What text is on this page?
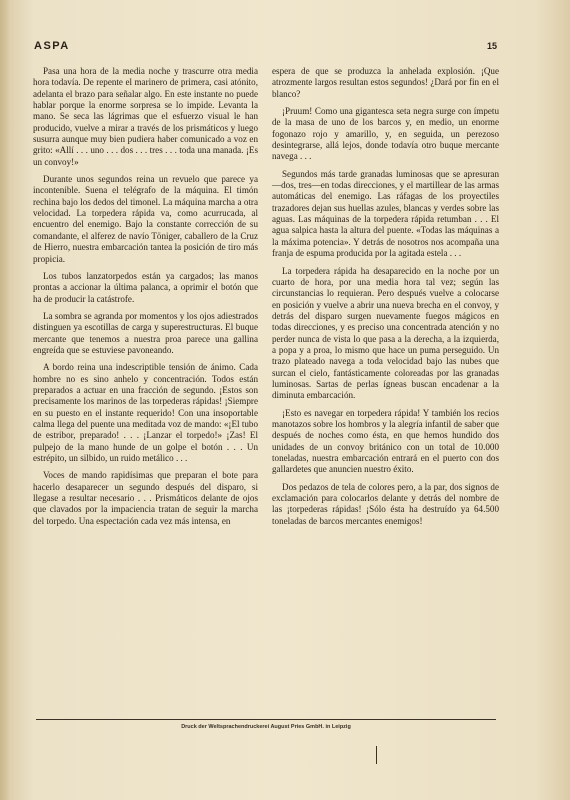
ASPA	15

Pasa una hora de la media noche y trascurre otra media hora todavía. De repente el marinero de primera, casi atónito, adelanta el brazo para señalar algo. En este instante no puede hablar porque la enorme sorpresa se lo impide. Levanta la mano. Se seca las lágrimas que el esfuerzo visual le han producido, vuelve a mirar a través de los prismáticos y luego susurra aunque muy bien pudiera haber comunicado a voz en grito: «Allí . . . uno . . . dos . . . tres . . . toda una manada. ¡Es un convoy!»

Durante unos segundos reina un revuelo que parece ya incontenible. Suena el telégrafo de la máquina. El timón rechina bajo los dedos del timonel. La máquina marcha a otra velocidad. La torpedera rápida va, como acurrucada, al encuentro del enemigo. Bajo la constante corrección de su comandante, el alferez de navío Töniger, caballero de la Cruz de Hierro, nuestra embarcación tantea la posición de tiro más propicia.

Los tubos lanzatorpedos están ya cargados; las manos prontas a accionar la última palanca, a oprimir el botón que ha de producir la catástrofe.

La sombra se agranda por momentos y los ojos adiestrados distinguen ya escotillas de carga y superestructuras. El buque mercante que tenemos a nuestra proa parece una gallina engreída que se estuviese pavoneando.

A bordo reina una indescriptible tensión de ánimo. Cada hombre no es sino anhelo y concentración. Todos están preparados a actuar en una fracción de segundo. ¡Estos son precisamente los marinos de las torpederas rápidas! ¡Siempre en su puesto en el instante requerido! Con una insoportable calma llega del puente una meditada voz de mando: «¡El tubo de estribor, preparado! . . . ¡Lanzar el torpedo!» ¡Zas! El pulpejo de la mano hunde de un golpe el botón . . . Un estrépito, un silbido, un ruido metálico . . .

Voces de mando rapidísimas que preparan el bote para hacerlo desaparecer un segundo después del disparo, si llegase a resultar necesario . . . Prismáticos delante de ojos que clavados por la impaciencia tratan de seguir la marcha del torpedo. Una espectación cada vez más intensa, en

espera de que se produzca la anhelada explosión. ¡Que atrozmente largos resultan estos segundos! ¿Dará por fin en el blanco?

¡Pruum! Como una gigantesca seta negra surge con ímpetu de la masa de uno de los barcos y, en medio, un enorme fogonazo rojo y amarillo, y, en seguida, un perezoso desintegrarse, allá lejos, donde todavía otro buque mercante navega . . .

Segundos más tarde granadas luminosas que se apresuran—dos, tres—en todas direcciones, y el martillear de las armas automáticas del enemigo. Las ráfagas de los proyectiles trazadores dejan sus huellas azules, blancas y verdes sobre las aguas. Las máquinas de la torpedera rápida retumban . . . El agua salpica hasta la altura del puente. «Todas las máquinas a la máxima potencia». Y detrás de nosotros nos acompaña una franja de espuma producida por la agitada estela . . .

La torpedera rápida ha desaparecido en la noche por un cuarto de hora, por una media hora tal vez; según las circunstancias lo requieran. Pero después vuelve a colocarse en posición y vuelve a abrir una nueva brecha en el convoy, y detrás del disparo surgen nuevamente fuegos mágicos en todas direcciones, y es preciso una concentrada atención y no perder nunca de vista lo que pasa a la derecha, a la izquierda, a popa y a proa, lo mismo que hace un puma perseguido. Un trazo plateado navega a toda velocidad bajo las nubes que surcan el cielo, fantásticamente coloreadas por las granadas luminosas. Sartas de perlas ígneas buscan encadenar a la diminuta embarcación.

¡Esto es navegar en torpedera rápida! Y también los recios manotazos sobre los hombros y la alegría infantil de saber que después de noches como ésta, en que hemos hundido dos unidades de un convoy británico con un total de 10.000 toneladas, nuestra embarcación entrará en el puerto con dos gallardetes que anuncien nuestro éxito.

Dos pedazos de tela de colores pero, a la par, dos signos de exclamación para colocarlos delante y detrás del nombre de las ¡torpederas rápidas! ¡Sólo ésta ha destruído ya 64.500 toneladas de barcos mercantes enemigos!

Druck der Weltsprachendruckerei August Pries GmbH. in Leipzig
